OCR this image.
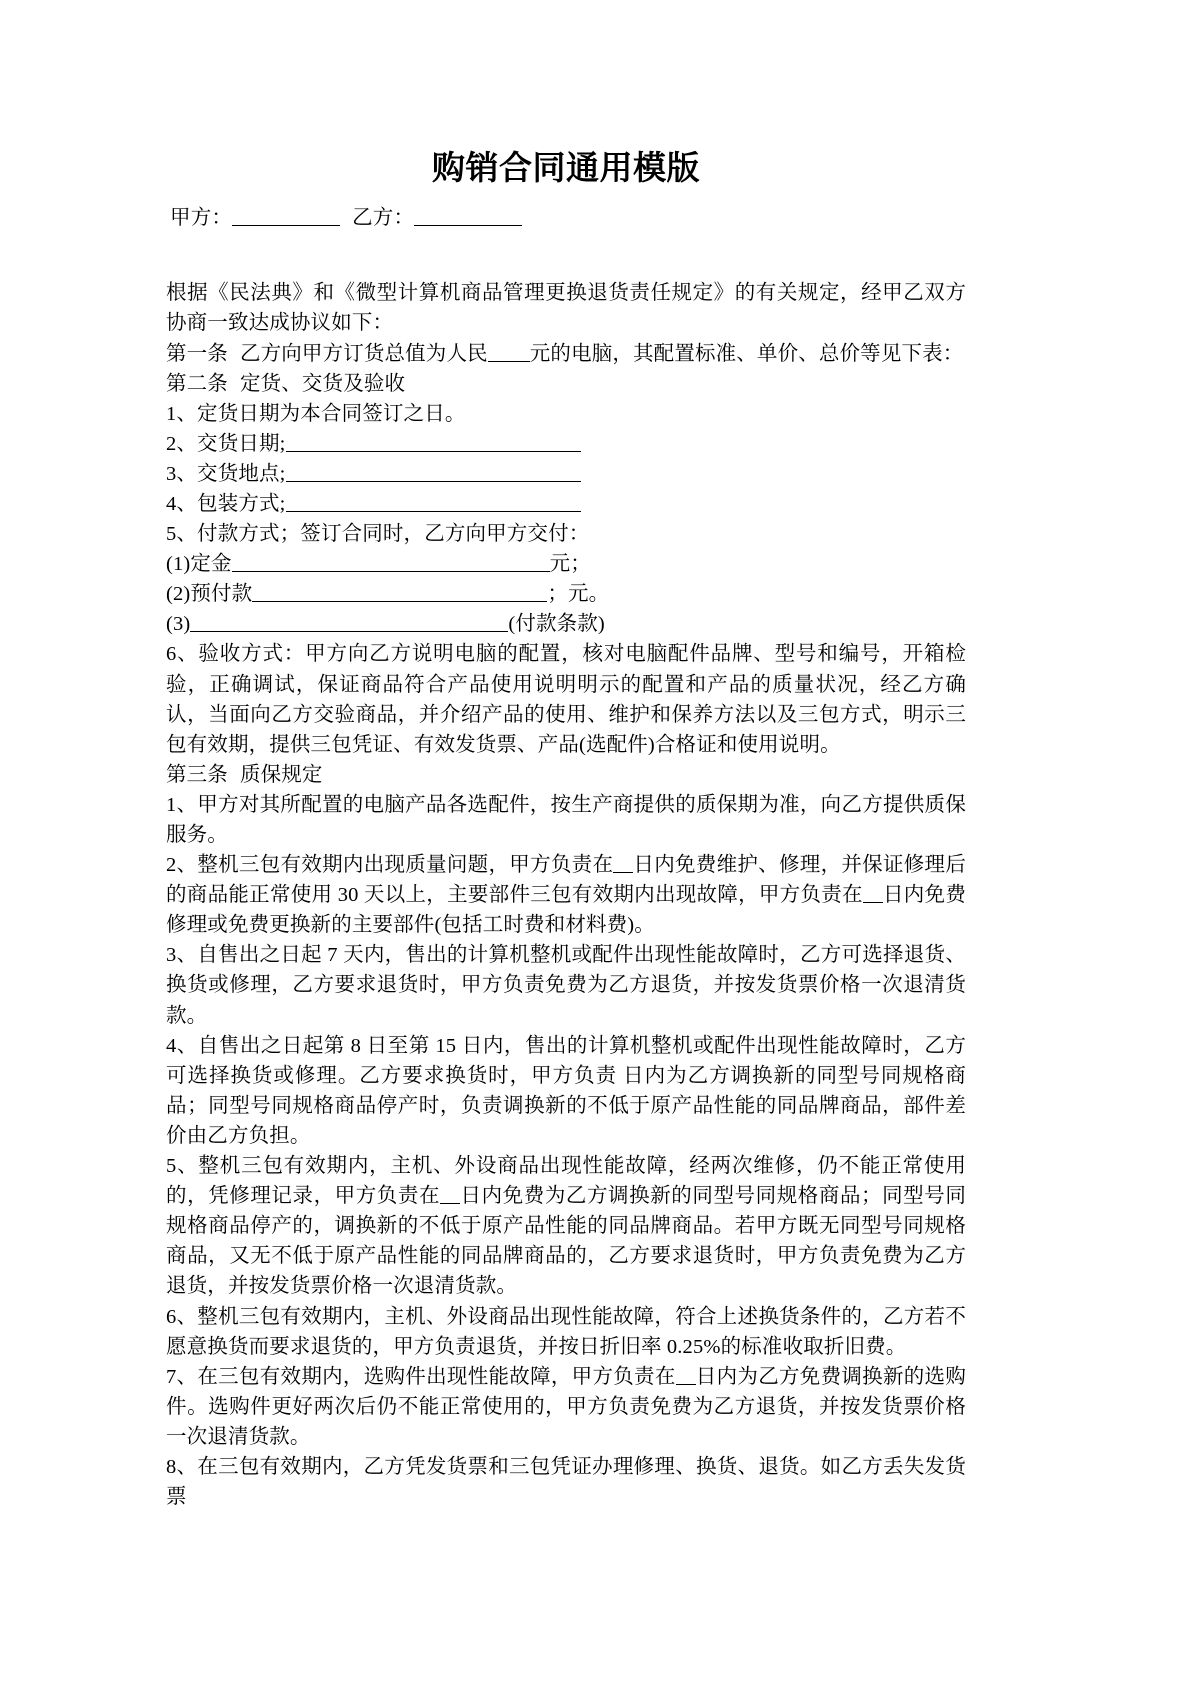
购销合同通用模版

甲方：	乙方：

根据《民法典》和《微型计算机商品管理更换退货责任规定》的有关规定，经甲乙双方协商一致达成协议如下：

第一条 乙方向甲方订货总值为人民 元的电脑，其配置标准、单价、总价等见下表：

第二条 定货、交货及验收

1、定货日期为本合同签订之日。

2、交货日期;

3、交货地点;

4、包装方式;

5、付款方式；签订合同时，乙方向甲方交付：

(1)定金	元；

(2)预付款	；元。

(3)	(付款条款)

6、验收方式：甲方向乙方说明电脑的配置，核对电脑配件品牌、型号和编号，开箱检验，正确调试，保证商品符合产品使用说明明示的配置和产品的质量状况，经乙方确认，当面向乙方交验商品，并介绍产品的使用、维护和保养方法以及三包方式，明示三包有效期，提供三包凭证、有效发货票、产品(选配件)合格证和使用说明。

第三条 质保规定

1、甲方对其所配置的电脑产品各选配件，按生产商提供的质保期为准，向乙方提供质保服务。

2、整机三包有效期内出现质量问题，甲方负责在 日内免费维护、修理，并保证修理后的商品能正常使用 30 天以上，主要部件三包有效期内出现故障，甲方负责在 日内免费修理或免费更换新的主要部件(包括工时费和材料费)。

3、自售出之日起 7 天内，售出的计算机整机或配件出现性能故障时，乙方可选择退货、换货或修理，乙方要求退货时，甲方负责免费为乙方退货，并按发货票价格一次退清货款。

4、自售出之日起第 8 日至第 15 日内，售出的计算机整机或配件出现性能故障时，乙方可选择换货或修理。乙方要求换货时，甲方负责 日内为乙方调换新的同型号同规格商品；同型号同规格商品停产时，负责调换新的不低于原产品性能的同品牌商品，部件差价由乙方负担。

5、整机三包有效期内，主机、外设商品出现性能故障，经两次维修，仍不能正常使用的，凭修理记录，甲方负责在 日内免费为乙方调换新的同型号同规格商品；同型号同规格商品停产的，调换新的不低于原产品性能的同品牌商品。若甲方既无同型号同规格商品，又无不低于原产品性能的同品牌商品的，乙方要求退货时，甲方负责免费为乙方退货，并按发货票价格一次退清货款。

6、整机三包有效期内，主机、外设商品出现性能故障，符合上述换货条件的，乙方若不愿意换货而要求退货的，甲方负责退货，并按日折旧率 0.25%的标准收取折旧费。

7、在三包有效期内，选购件出现性能故障，甲方负责在 日内为乙方免费调换新的选购件。选购件更好两次后仍不能正常使用的，甲方负责免费为乙方退货，并按发货票价格一次退清货款。

8、在三包有效期内，乙方凭发货票和三包凭证办理修理、换货、退货。如乙方丢失发货票
